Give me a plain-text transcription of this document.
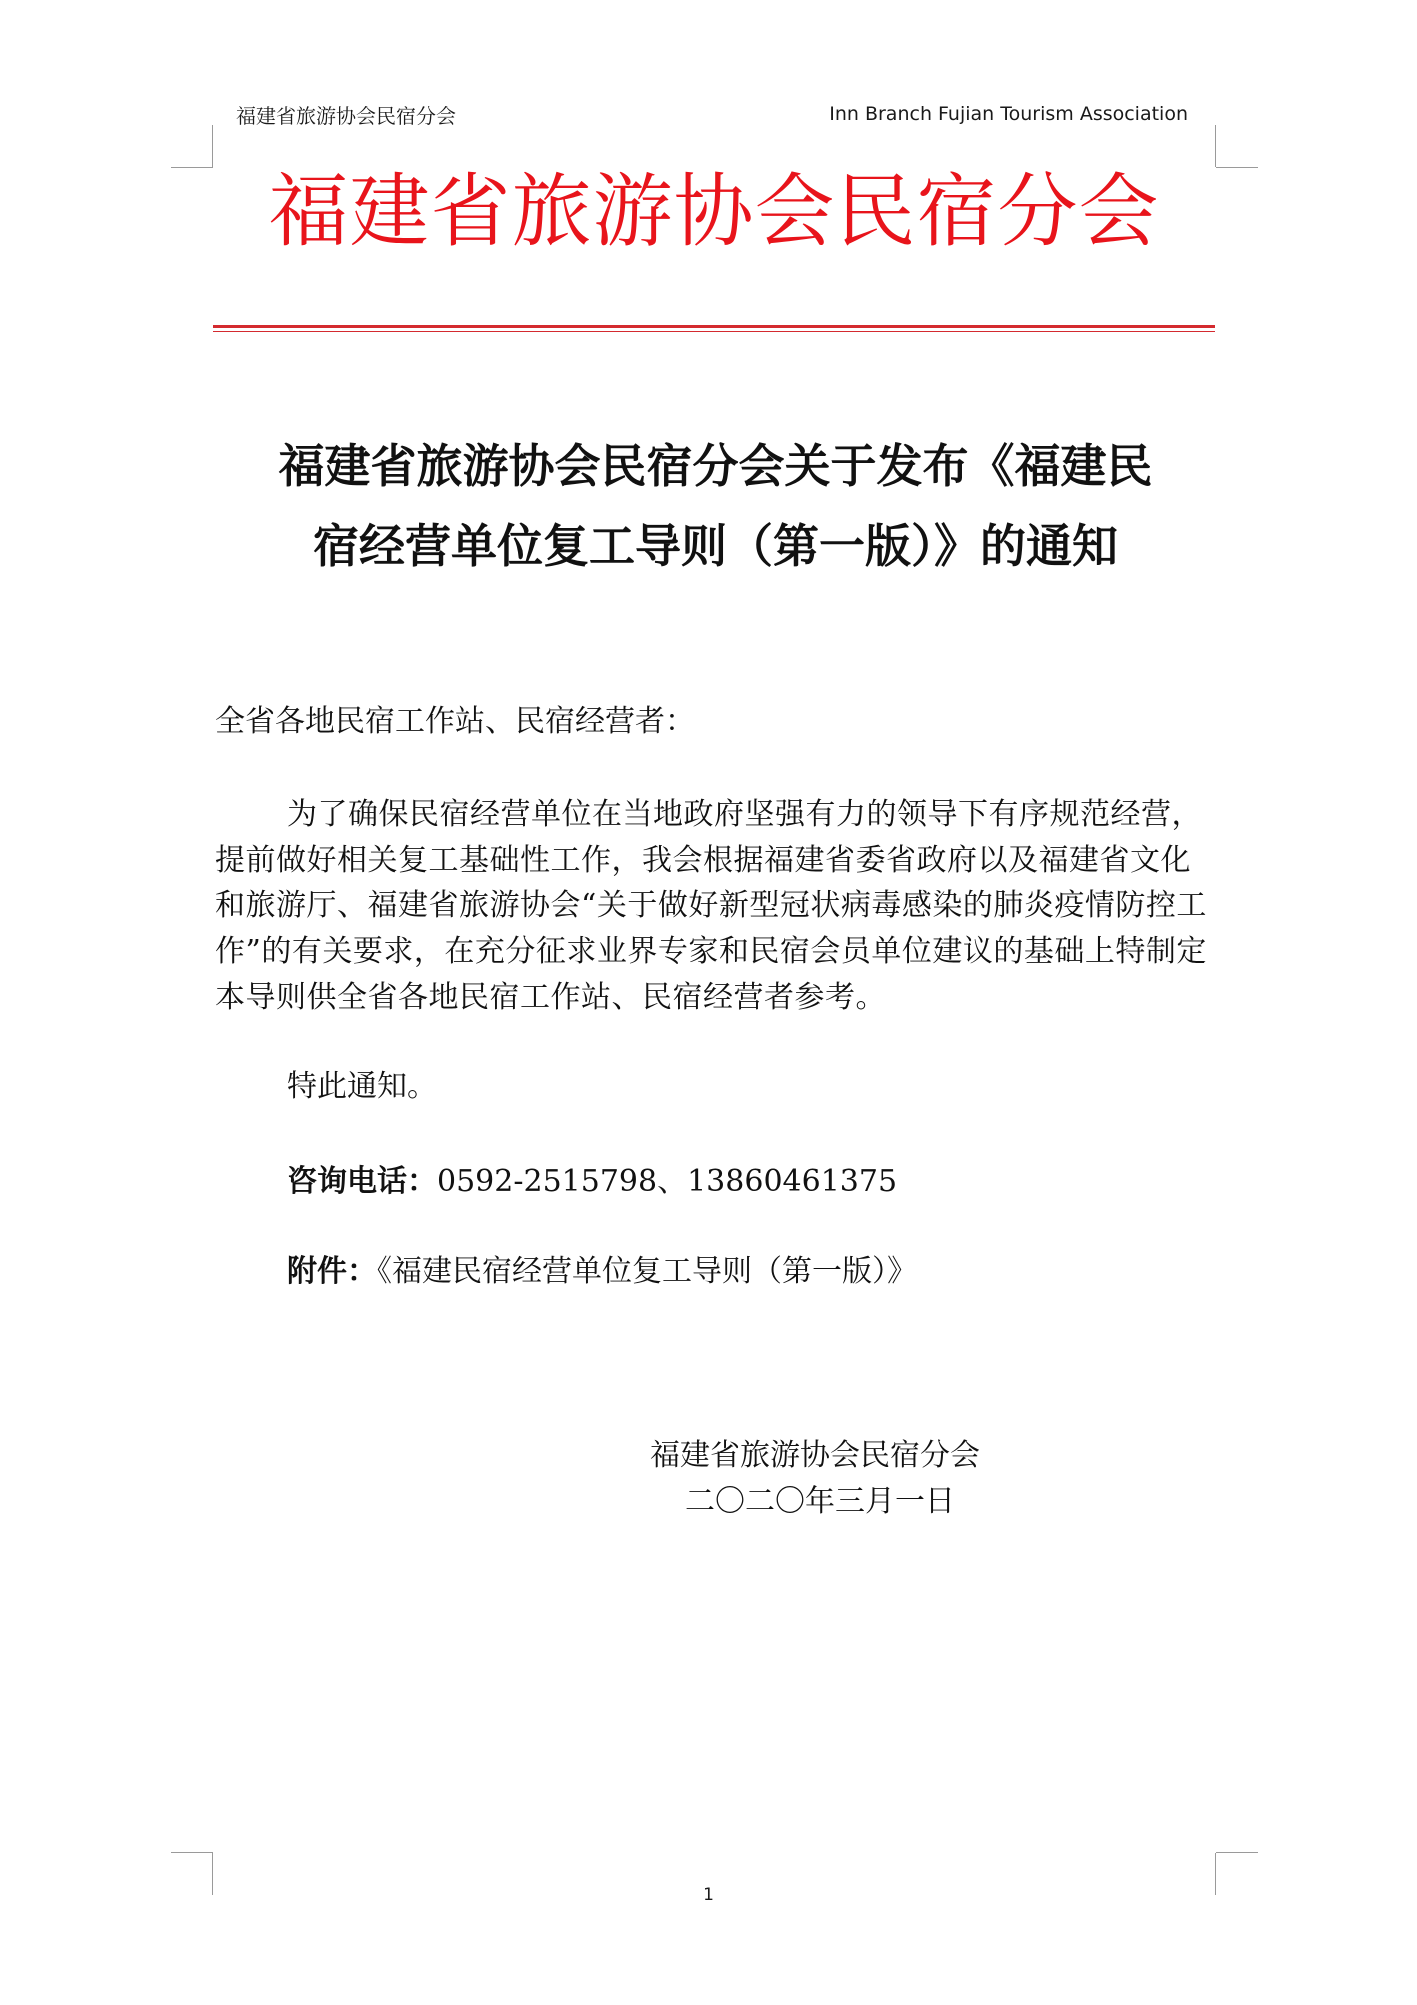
福建省旅游协会民宿分会	Inn Branch Fujian Tourism Association
福建省旅游协会民宿分会
福建省旅游协会民宿分会关于发布《福建民
宿经营单位复工导则（第一版）》的通知
全省各地民宿工作站、民宿经营者：
为了确保民宿经营单位在当地政府坚强有力的领导下有序规范经营，提前做好相关复工基础性工作，我会根据福建省委省政府以及福建省文化和旅游厅、福建省旅游协会“关于做好新型冠状病毒感染的肺炎疫情防控工作”的有关要求，在充分征求业界专家和民宿会员单位建议的基础上特制定本导则供全省各地民宿工作站、民宿经营者参考。
特此通知。
咨询电话：0592-2515798、13860461375
附件：《福建民宿经营单位复工导则（第一版）》
福建省旅游协会民宿分会
二〇二〇年三月一日
1
